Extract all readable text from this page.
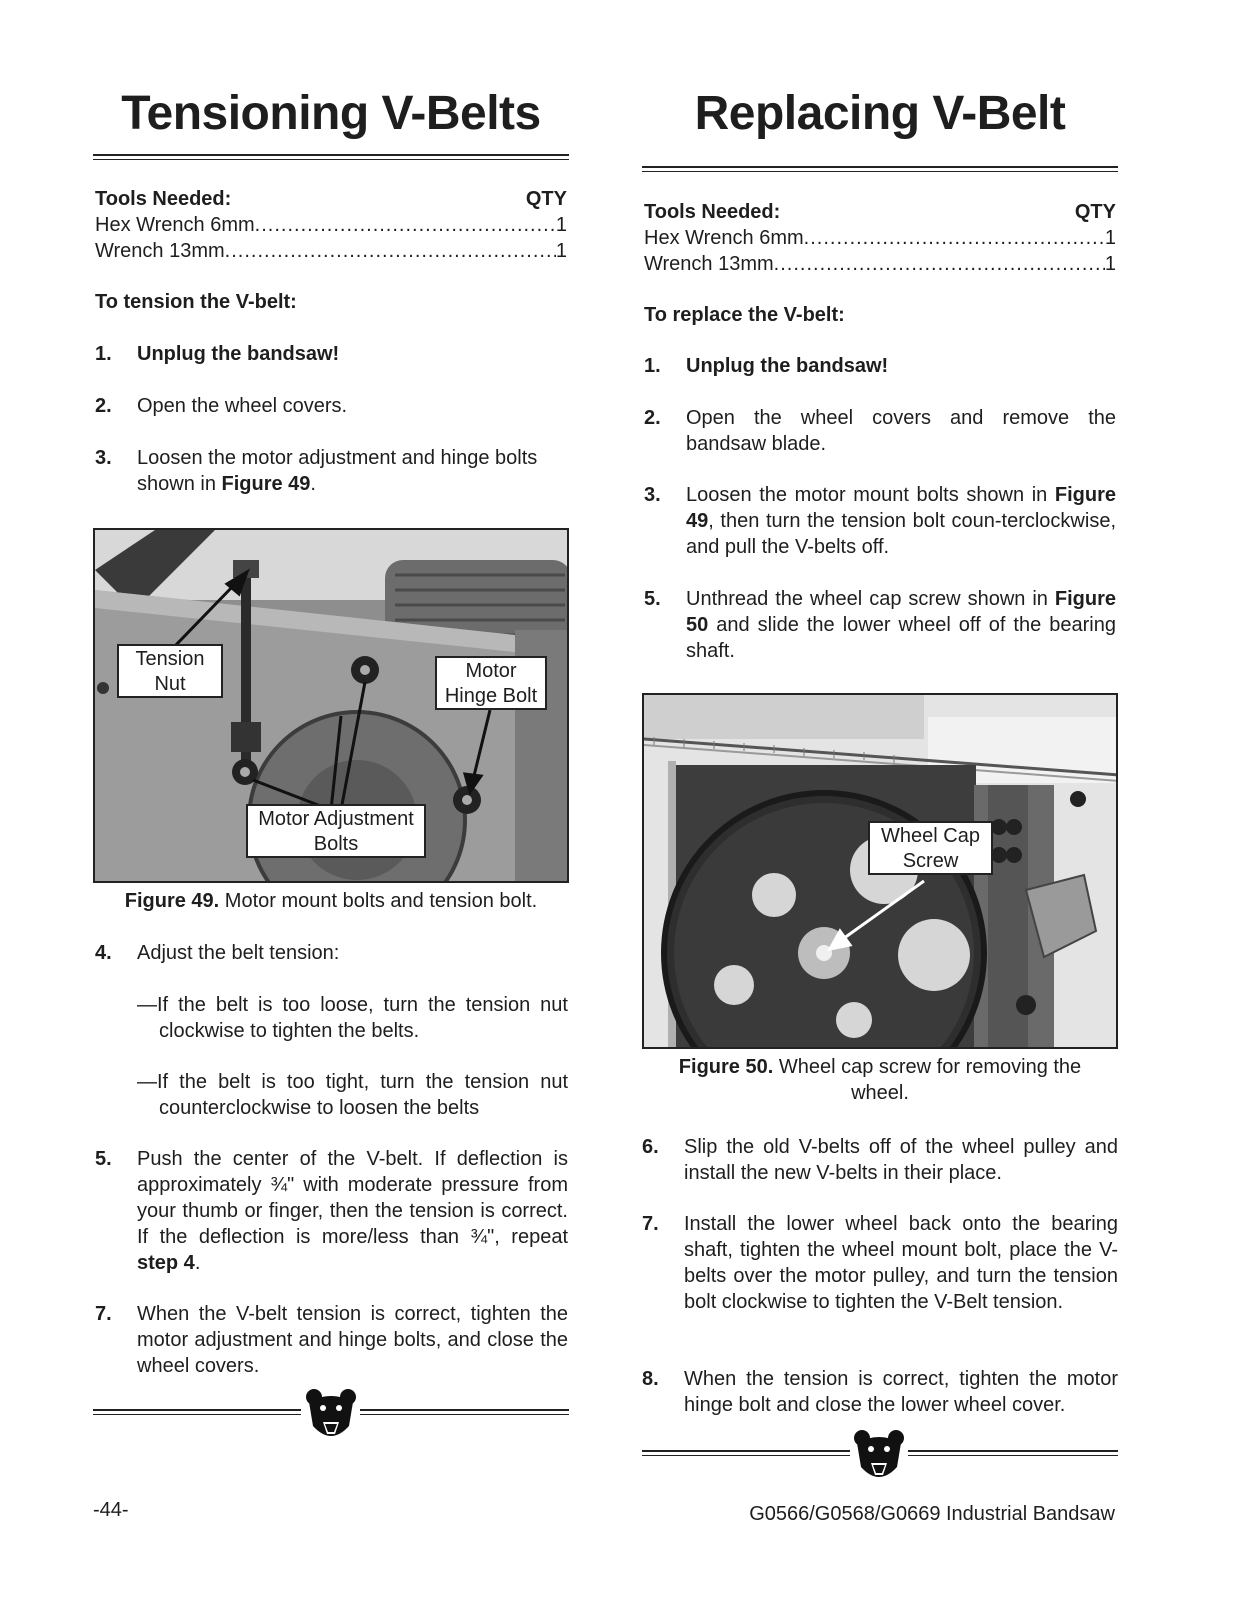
Tensioning V-Belts
Tools Needed:	QTY
Hex Wrench 6mm .....	1
Wrench 13mm .....	1
To tension the V-belt:
1. Unplug the bandsaw!
2. Open the wheel covers.
3. Loosen the motor adjustment and hinge bolts shown in Figure 49.
Tension
Nut
Motor
Hinge Bolt
Motor Adjustment
Bolts
Figure 49. Motor mount bolts and tension bolt.
4. Adjust the belt tension:
—If the belt is too loose, turn the tension nut
clockwise to tighten the belts.
—If the belt is too tight, turn the tension nut
counterclockwise to loosen the belts
5. Push the center of the V-belt. If deflection is approximately ¾" with moderate pressure from your thumb or finger, then the tension is correct. If the deflection is more/less than ¾", repeat step 4.
7. When the V-belt tension is correct, tighten the motor adjustment and hinge bolts, and close the wheel covers.
Replacing V-Belt
Tools Needed:	QTY
Hex Wrench 6mm .....	1
Wrench 13mm .....	1
To replace the V-belt:
1. Unplug the bandsaw!
2. Open the wheel covers and remove the bandsaw blade.
3. Loosen the motor mount bolts shown in Figure 49, then turn the tension bolt coun-terclockwise, and pull the V-belts off.
5. Unthread the wheel cap screw shown in Figure 50 and slide the lower wheel off of the bearing shaft.
Wheel Cap
Screw
Figure 50. Wheel cap screw for removing the wheel.
6. Slip the old V-belts off of the wheel pulley and install the new V-belts in their place.
7. Install the lower wheel back onto the bearing shaft, tighten the wheel mount bolt, place the V-belts over the motor pulley, and turn the tension bolt clockwise to tighten the V-Belt tension.
8. When the tension is correct, tighten the motor hinge bolt and close the lower wheel cover.
-44-	G0566/G0568/G0669 Industrial Bandsaw
